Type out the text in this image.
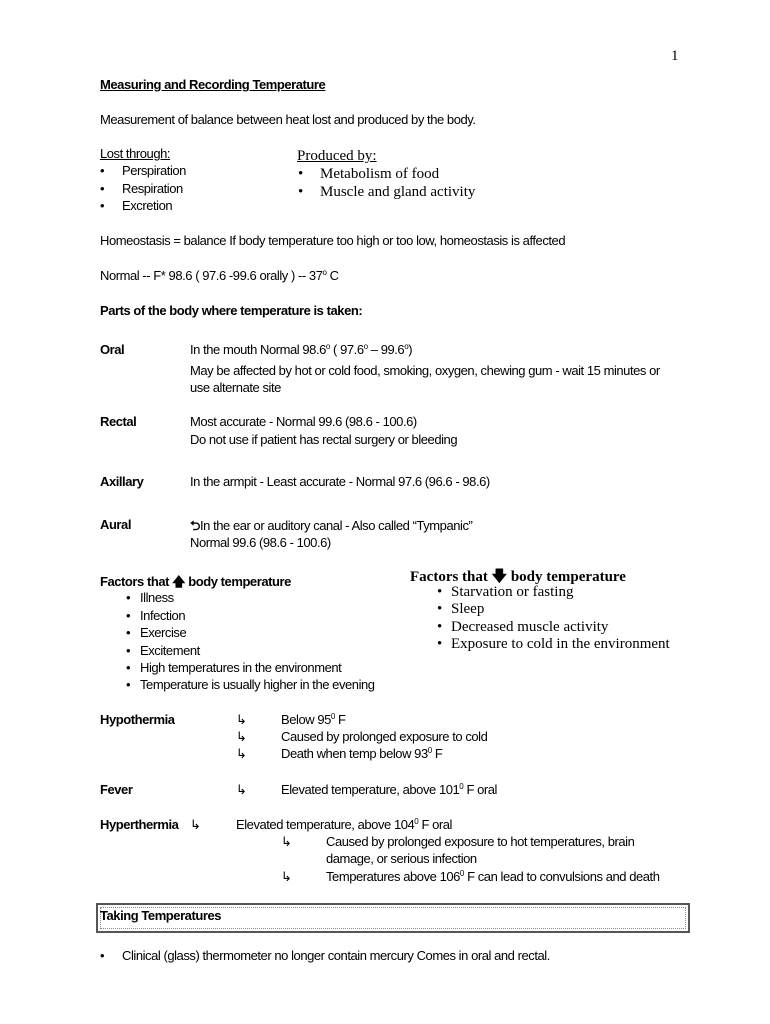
1
Measuring and Recording Temperature
Measurement of balance between heat lost and produced by the body.
Lost through:
• Perspiration
• Respiration
• Excretion
Produced by:
• Metabolism of food
• Muscle and gland activity
Homeostasis = balance If body temperature too high or too low, homeostasis is affected
Normal -- F* 98.6 ( 97.6 -99.6 orally ) -- 37$^o$ C
Parts of the body where temperature is taken:
Oral	In the mouth Normal 98.6$^o$ ( 97.6$^o$ – 99.6$^o$)
May be affected by hot or cold food, smoking, oxygen, chewing gum - wait 15 minutes or
use alternate site
Rectal	Most accurate - Normal 99.6 (98.6 - 100.6)
Do not use if patient has rectal surgery or bleeding
Axillary	In the armpit - Least accurate - Normal 97.6 (96.6 - 98.6)
Aural	⮌In the ear or auditory canal - Also called “Tympanic”
Normal 99.6 (98.6 - 100.6)
Factors that 🡅 body temperature
• Illness
• Infection
• Exercise
• Excitement
• High temperatures in the environment
• Temperature is usually higher in the evening
Factors that 🡇 body temperature
• Starvation or fasting
• Sleep
• Decreased muscle activity
• Exposure to cold in the environment
Hypothermia	↳	Below $95^0$ F
↳	Caused by prolonged exposure to cold
↳	Death when temp below $93^0$ F
Fever	↳	Elevated temperature, above $101^0$ F oral
Hyperthermia ↳	Elevated temperature, above $104^0$ F oral
↳	Caused by prolonged exposure to hot temperatures, brain
damage, or serious infection
↳	Temperatures above $106^0$ F can lead to convulsions and death
Taking Temperatures
• Clinical (glass) thermometer no longer contain mercury Comes in oral and rectal.
